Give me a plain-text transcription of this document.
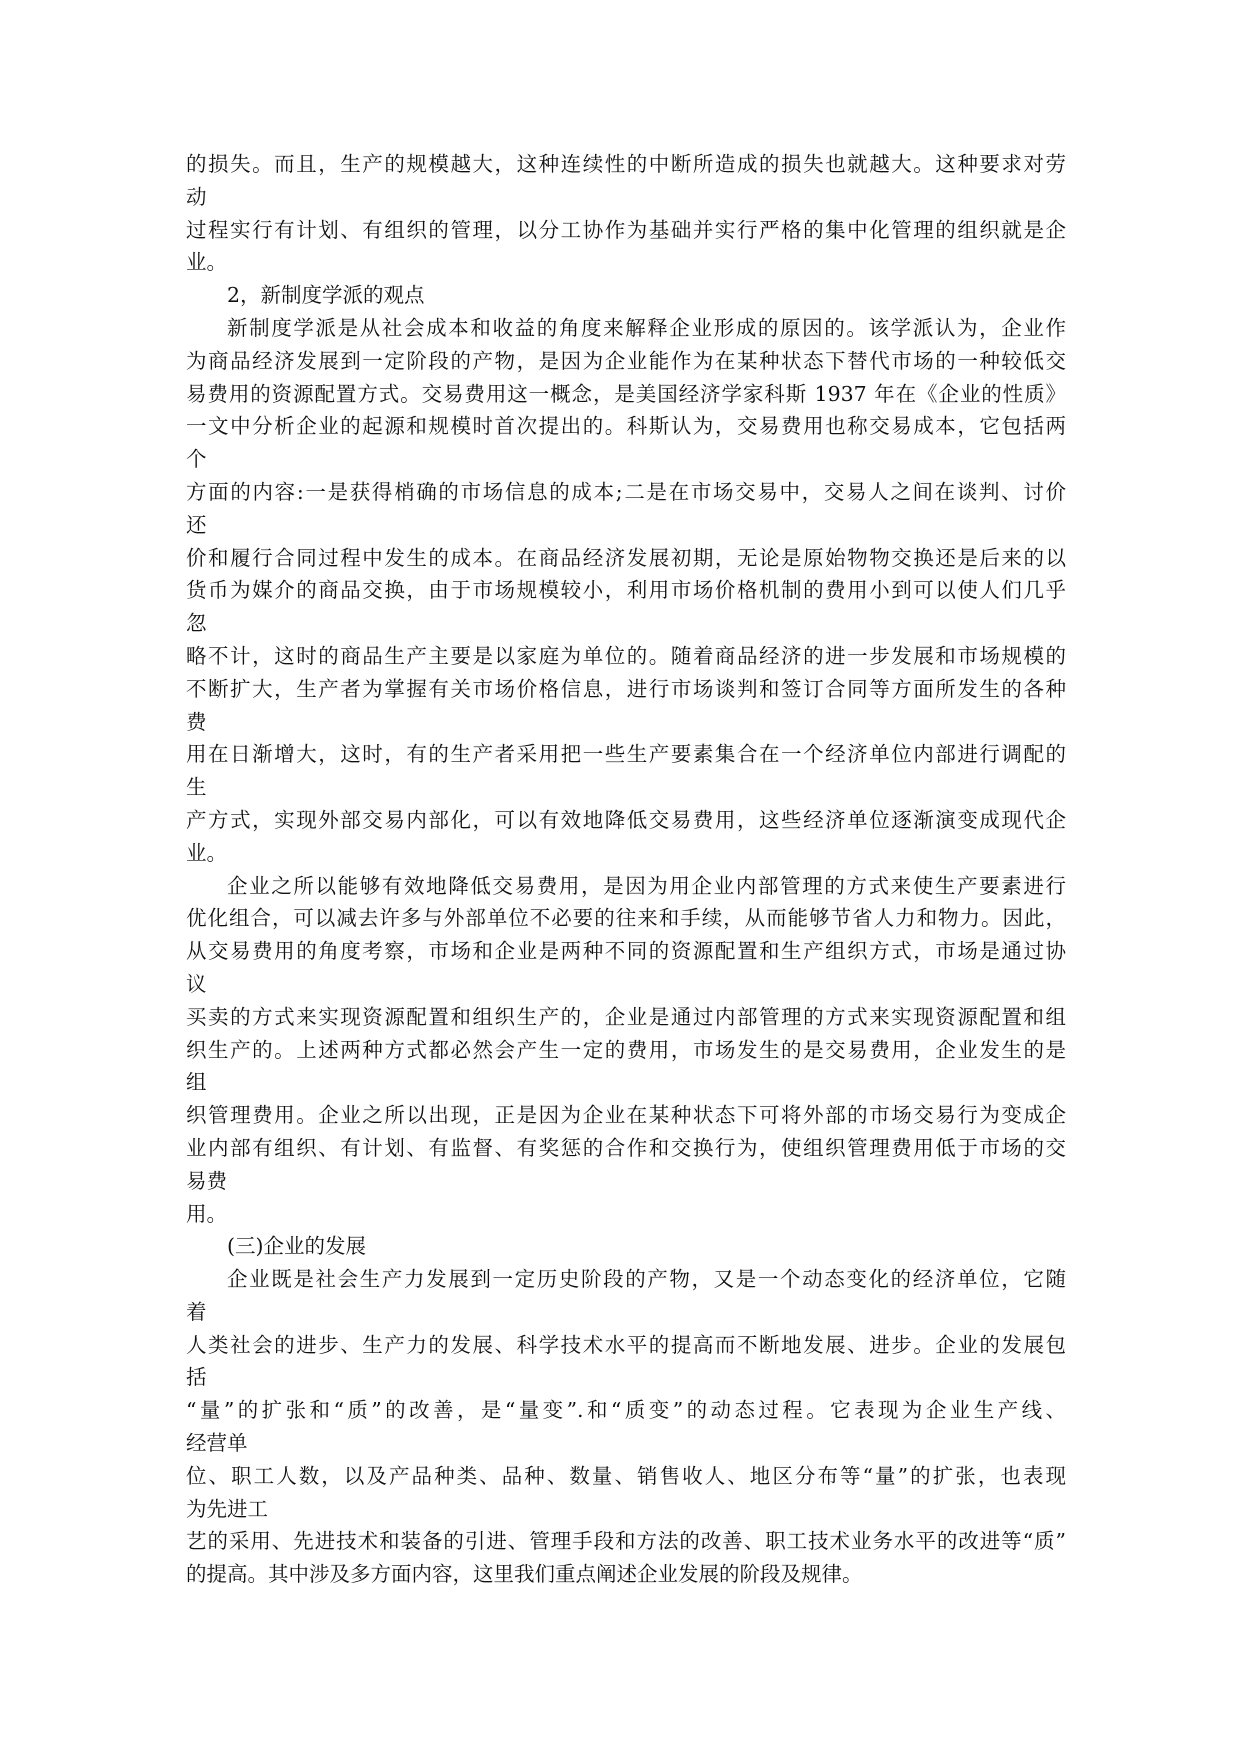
的损失。而且，生产的规模越大，这种连续性的中断所造成的损失也就越大。这种要求对劳
动
过程实行有计划、有组织的管理，以分工协作为基础并实行严格的集中化管理的组织就是企
业。
2，新制度学派的观点
新制度学派是从社会成本和收益的角度来解释企业形成的原因的。该学派认为，企业作
为商品经济发展到一定阶段的产物，是因为企业能作为在某种状态下替代市场的一种较低交
易费用的资源配置方式。交易费用这一概念，是美国经济学家科斯 1937 年在《企业的性质》
一文中分析企业的起源和规模时首次提出的。科斯认为，交易费用也称交易成本，它包括两
个
方面的内容:一是获得梢确的市场信息的成本;二是在市场交易中，交易人之间在谈判、讨价
还
价和履行合同过程中发生的成本。在商品经济发展初期，无论是原始物物交换还是后来的以
货币为媒介的商品交换，由于市场规模较小，利用市场价格机制的费用小到可以使人们几乎
忽
略不计，这时的商品生产主要是以家庭为单位的。随着商品经济的进一步发展和市场规模的
不断扩大，生产者为掌握有关市场价格信息，进行市场谈判和签订合同等方面所发生的各种
费
用在日渐增大，这时，有的生产者采用把一些生产要素集合在一个经济单位内部进行调配的
生
产方式，实现外部交易内部化，可以有效地降低交易费用，这些经济单位逐渐演变成现代企
业。
企业之所以能够有效地降低交易费用，是因为用企业内部管理的方式来使生产要素进行
优化组合，可以减去许多与外部单位不必要的往来和手续，从而能够节省人力和物力。因此，
从交易费用的角度考察，市场和企业是两种不同的资源配置和生产组织方式，市场是通过协
议
买卖的方式来实现资源配置和组织生产的，企业是通过内部管理的方式来实现资源配置和组
织生产的。上述两种方式都必然会产生一定的费用，市场发生的是交易费用，企业发生的是
组
织管理费用。企业之所以出现，正是因为企业在某种状态下可将外部的市场交易行为变成企
业内部有组织、有计划、有监督、有奖惩的合作和交换行为，使组织管理费用低于市场的交
易费
用。
(三)企业的发展
企业既是社会生产力发展到一定历史阶段的产物，又是一个动态变化的经济单位，它随
着
人类社会的进步、生产力的发展、科学技术水平的提高而不断地发展、进步。企业的发展包
括
“量”的扩张和“质”的改善，是“量变”.和“质变”的动态过程。它表现为企业生产线、
经营单
位、职工人数，以及产品种类、品种、数量、销售收人、地区分布等“量”的扩张，也表现
为先进工
艺的采用、先进技术和装备的引进、管理手段和方法的改善、职工技术业务水平的改进等“质”
的提高。其中涉及多方面内容，这里我们重点阐述企业发展的阶段及规律。
